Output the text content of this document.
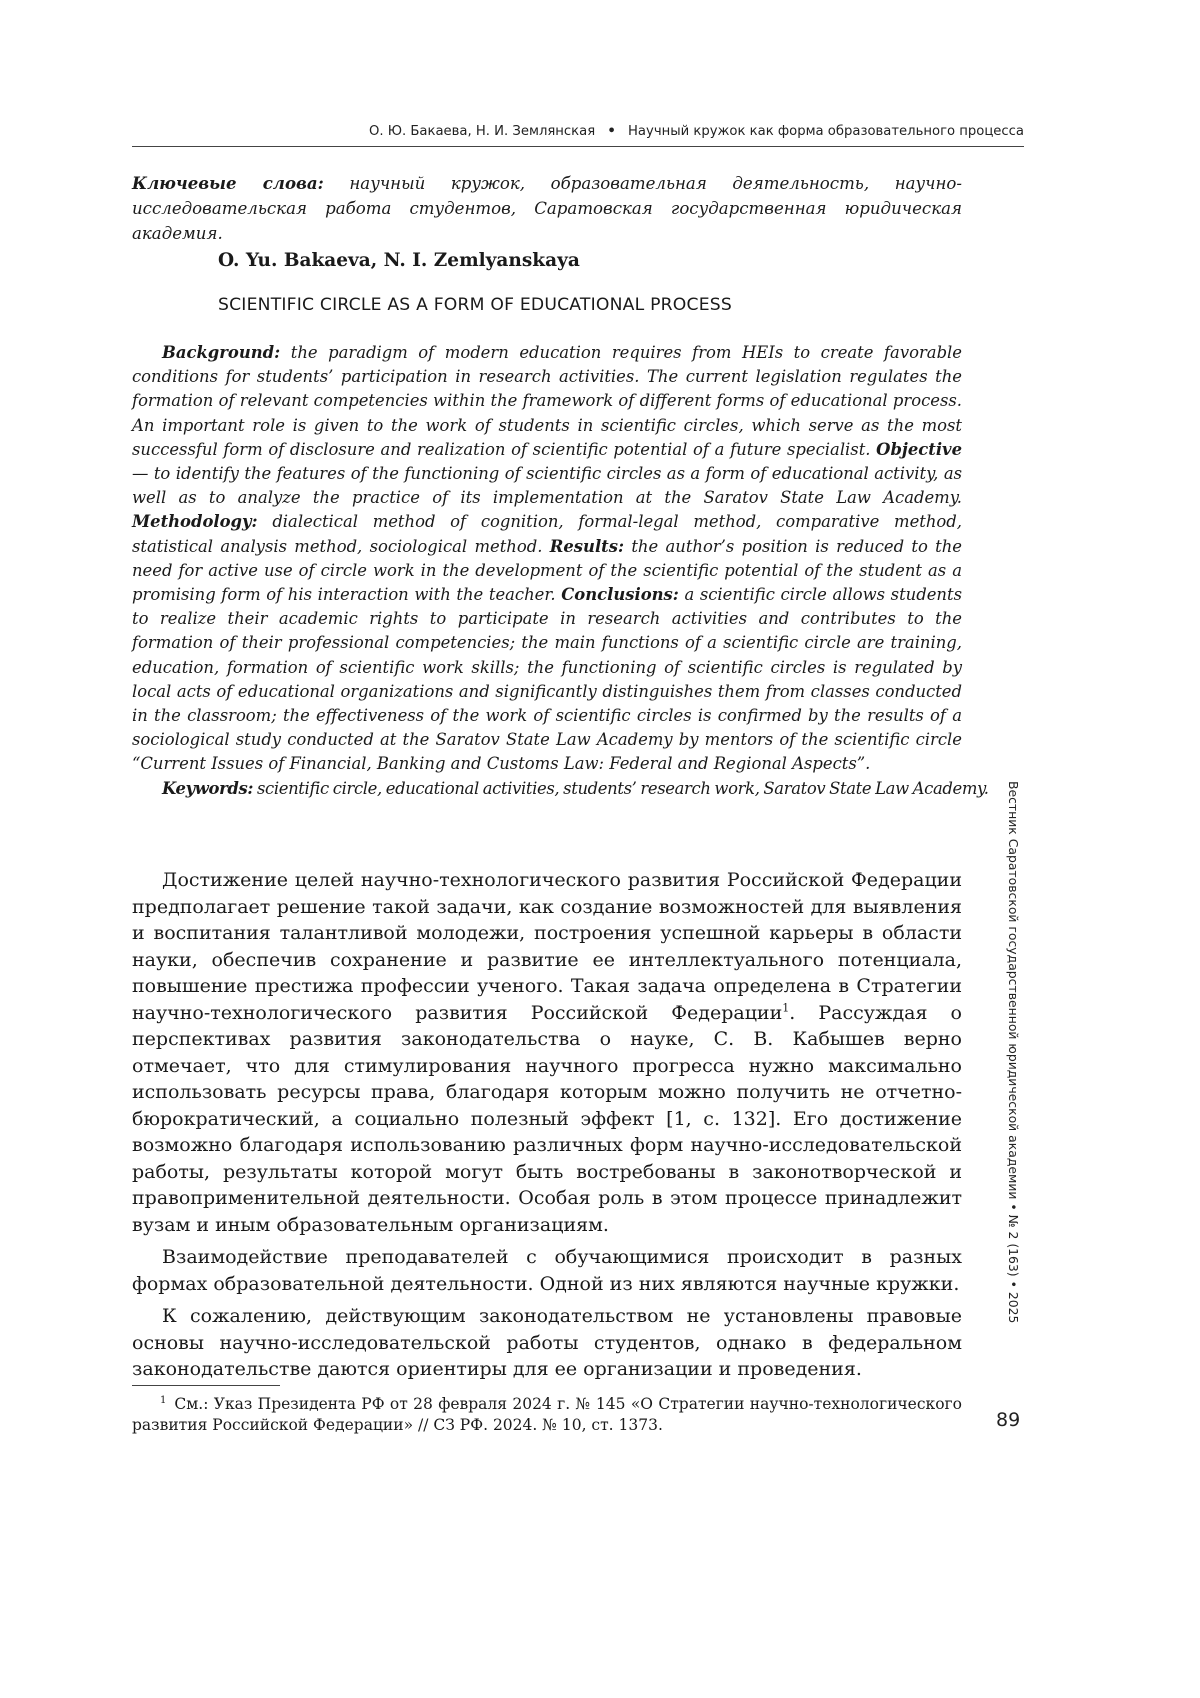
О. Ю. Бакаева, Н. И. Землянская • Научный кружок как форма образовательного процесса
Ключевые слова: научный кружок, образовательная деятельность, научно-исследовательская работа студентов, Саратовская государственная юридическая академия.
O. Yu. Bakaeva, N. I. Zemlyanskaya
SCIENTIFIC CIRCLE AS A FORM OF EDUCATIONAL PROCESS

Background: the paradigm of modern education requires from HEIs to create favorable conditions for students’ participation in research activities. The current legislation regulates the formation of relevant competencies within the framework of different forms of educational process. An important role is given to the work of students in scientific circles, which serve as the most successful form of disclosure and realization of scientific potential of a future specialist. Objective — to identify the features of the functioning of scientific circles as a form of educational activity, as well as to analyze the practice of its implementation at the Saratov State Law Academy. Methodology: dialectical method of cognition, formal-legal method, comparative method, statistical analysis method, sociological method. Results: the author’s position is reduced to the need for active use of circle work in the development of the scientific potential of the student as a promising form of his interaction with the teacher. Conclusions: a scientific circle allows students to realize their academic rights to participate in research activities and contributes to the formation of their professional competencies; the main functions of a scientific circle are training, education, formation of scientific work skills; the functioning of scientific circles is regulated by local acts of educational organizations and significantly distinguishes them from classes conducted in the classroom; the effectiveness of the work of scientific circles is confirmed by the results of a sociological study conducted at the Saratov State Law Academy by mentors of the scientific circle “Current Issues of Financial, Banking and Customs Law: Federal and Regional Aspects”.

Keywords: scientific circle, educational activities, students’ research work, Saratov State Law Academy. Вестник Саратовской государственной юридической академии • № 2 (163) • 2025

Достижение целей научно-технологического развития Российской Федерации предполагает решение такой задачи, как создание возможностей для выявления и воспитания талантливой молодежи, построения успешной карьеры в области науки, обеспечив сохранение и развитие ее интеллектуального потенциала, повышение престижа профессии ученого. Такая задача определена в Стратегии научно-технологического развития Российской Федерации1. Рассуждая о перспективах развития законодательства о науке, С. В. Кабышев верно отмечает, что для стимулирования научного прогресса нужно максимально использовать ресурсы права, благодаря которым можно получить не отчетно-бюрократический, а социально полезный эффект [1, с. 132]. Его достижение возможно благодаря использованию различных форм научно-исследовательской работы, результаты которой могут быть востребованы в законотворческой и правоприменительной деятельности. Особая роль в этом процессе принадлежит вузам и иным образовательным организациям.

Взаимодействие преподавателей с обучающимися происходит в разных формах образовательной деятельности. Одной из них являются научные кружки.

К сожалению, действующим законодательством не установлены правовые основы научно-исследовательской работы студентов, однако в федеральном законодательстве даются ориентиры для ее организации и проведения.

1 См.: Указ Президента РФ от 28 февраля 2024 г. № 145 «О Стратегии научно-технологического развития Российской Федерации» // СЗ РФ. 2024. № 10, ст. 1373.	89
